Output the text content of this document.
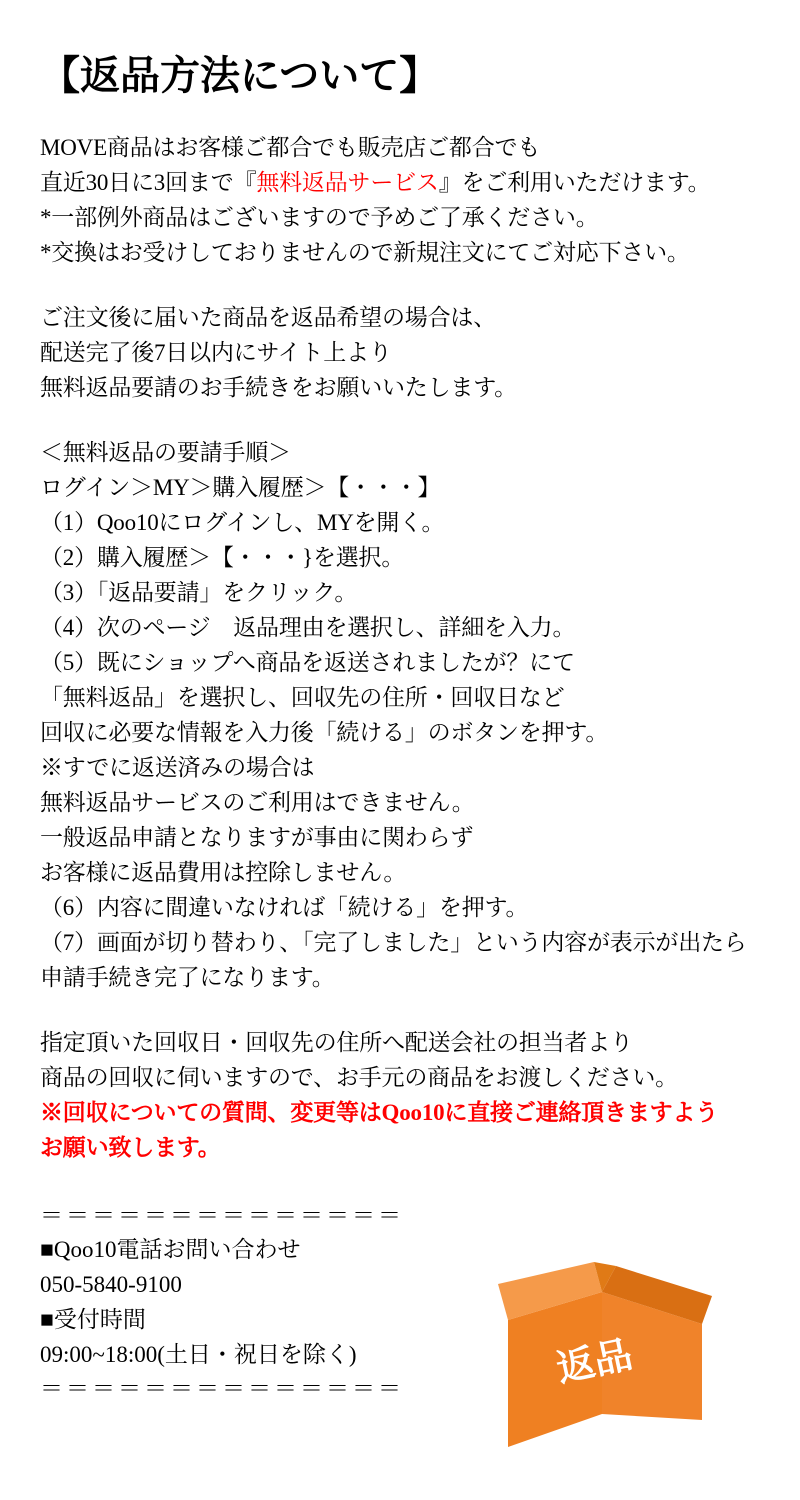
【返品方法について】
MOVE商品はお客様ご都合でも販売店ご都合でも
直近30日に3回まで『無料返品サービス』をご利用いただけます。
*一部例外商品はございますので予めご了承ください。
*交換はお受けしておりませんので新規注文にてご対応下さい。
ご注文後に届いた商品を返品希望の場合は、
配送完了後7日以内にサイト上より
無料返品要請のお手続きをお願いいたします。
＜無料返品の要請手順＞
ログイン＞MY＞購入履歴＞【・・・】
（1）Qoo10にログインし、MYを開く。
（2）購入履歴＞【・・・}を選択。
（3）「返品要請」をクリック。
（4）次のページ　返品理由を選択し、詳細を入力。
（5）既にショップへ商品を返送されましたが？にて
「無料返品」を選択し、回収先の住所・回収日など
回収に必要な情報を入力後「続ける」のボタンを押す。
※すでに返送済みの場合は
無料返品サービスのご利用はできません。
一般返品申請となりますが事由に関わらず
お客様に返品費用は控除しません。
（6）内容に間違いなければ「続ける」を押す。
（7）画面が切り替わり、「完了しました」という内容が表示が出たら
申請手続き完了になります。
指定頂いた回収日・回収先の住所へ配送会社の担当者より
商品の回収に伺いますので、お手元の商品をお渡しください。
※回収についての質問、変更等はQoo10に直接ご連絡頂きますよう
お願い致します。
＝＝＝＝＝＝＝＝＝＝＝＝＝＝
■Qoo10電話お問い合わせ
050-5840-9100
■受付時間
09:00~18:00(土日・祝日を除く)
＝＝＝＝＝＝＝＝＝＝＝＝＝＝	返品
